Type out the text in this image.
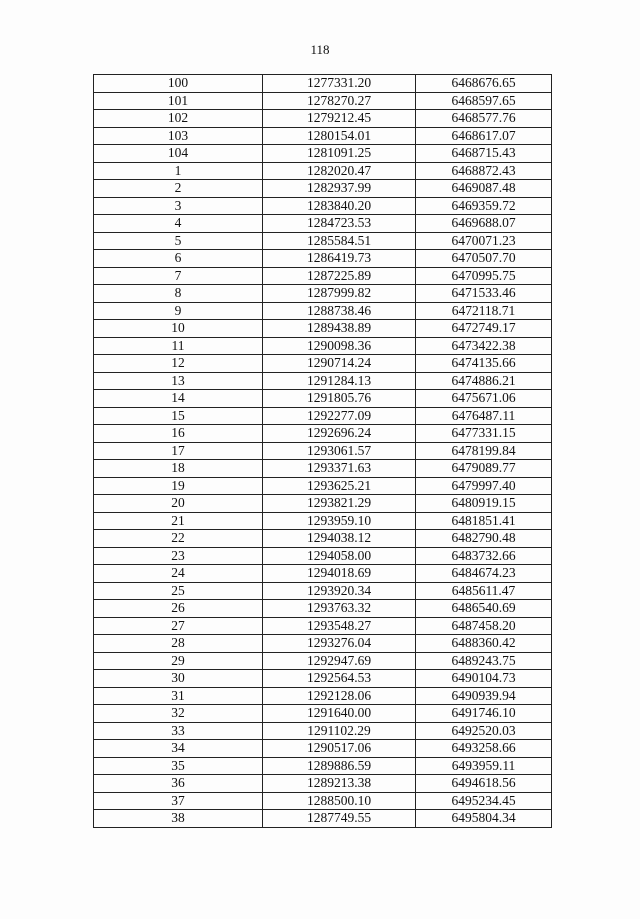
118
100	1277331.20	6468676.65
101	1278270.27	6468597.65
102	1279212.45	6468577.76
103	1280154.01	6468617.07
104	1281091.25	6468715.43
1	1282020.47	6468872.43
2	1282937.99	6469087.48
3	1283840.20	6469359.72
4	1284723.53	6469688.07
5	1285584.51	6470071.23
6	1286419.73	6470507.70
7	1287225.89	6470995.75
8	1287999.82	6471533.46
9	1288738.46	6472118.71
10	1289438.89	6472749.17
11	1290098.36	6473422.38
12	1290714.24	6474135.66
13	1291284.13	6474886.21
14	1291805.76	6475671.06
15	1292277.09	6476487.11
16	1292696.24	6477331.15
17	1293061.57	6478199.84
18	1293371.63	6479089.77
19	1293625.21	6479997.40
20	1293821.29	6480919.15
21	1293959.10	6481851.41
22	1294038.12	6482790.48
23	1294058.00	6483732.66
24	1294018.69	6484674.23
25	1293920.34	6485611.47
26	1293763.32	6486540.69
27	1293548.27	6487458.20
28	1293276.04	6488360.42
29	1292947.69	6489243.75
30	1292564.53	6490104.73
31	1292128.06	6490939.94
32	1291640.00	6491746.10
33	1291102.29	6492520.03
34	1290517.06	6493258.66
35	1289886.59	6493959.11
36	1289213.38	6494618.56
37	1288500.10	6495234.45
38	1287749.55	6495804.34
